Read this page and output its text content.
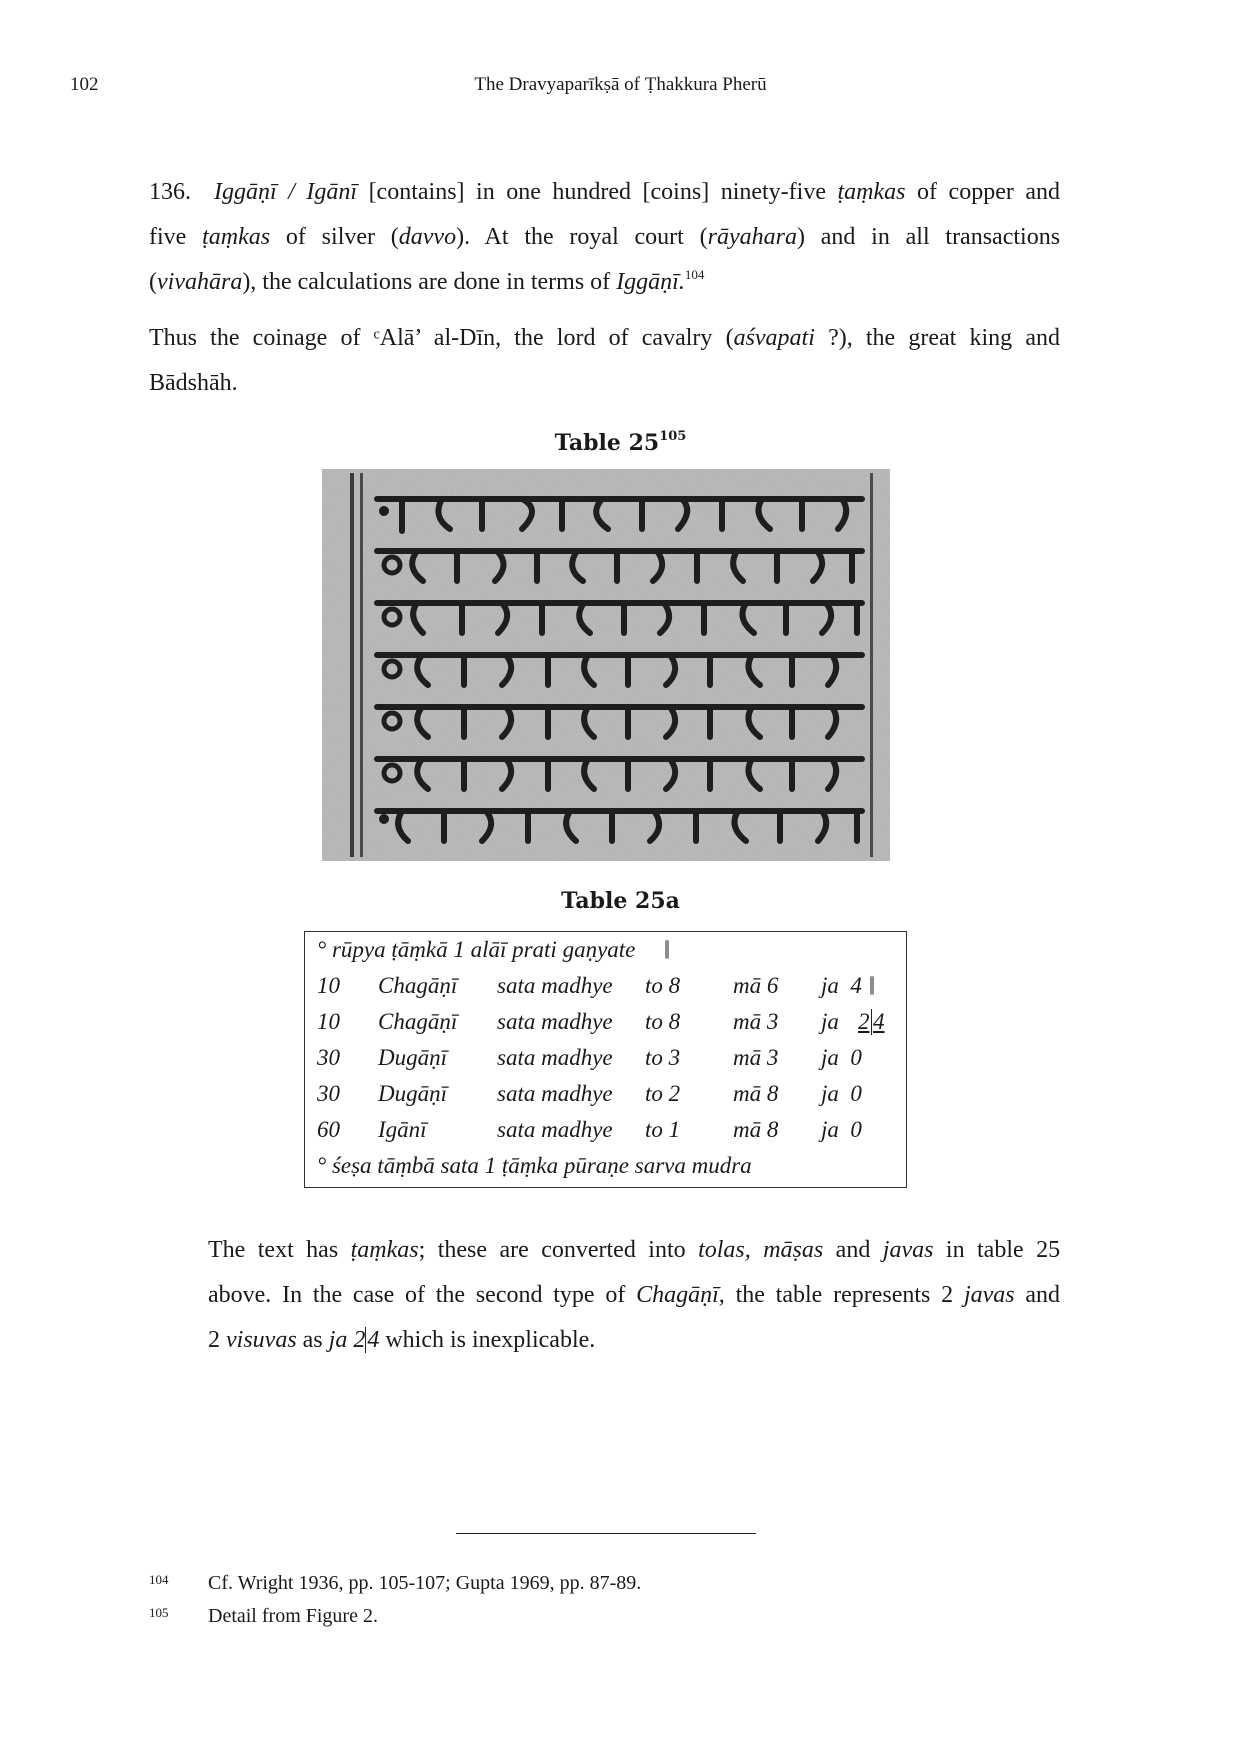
102	The Dravyaparīkṣā of Ṭhakkura Pherū
136. Iggāṇī / Igānī [contains] in one hundred [coins] ninety-five ṭaṃkas of copper and
five ṭaṃkas of silver (davvo). At the royal court (rāyahara) and in all transactions
(vivahāra), the calculations are done in terms of Iggāṇī.$^{104}$
Thus the coinage of ᶜAlā’ al-Dīn, the lord of cavalry (aśvapati ?), the great king and
Bādshāh.
Table $25^{105}$
Table 25a
° rūpya ṭāṃkā 1 alāī prati gaṇyate ||
10 Chagāṇī sata madhye to 8 mā 6 ja  4 ||
10 Chagāṇī sata madhye to 8 mā 3 ja 2 4
30 Dugāṇī sata madhye to 3 mā 3 ja  0
30 Dugāṇī sata madhye to 2 mā 8 ja  0
60 Igānī	sata madhye to 1 mā 8 ja  0
° śeṣa tāṃbā sata 1 ṭāṃka pūraṇe sarva mudra
The text has ṭaṃkas; these are converted into tolas, māṣas and javas in table 25
above. In the case of the second type of Chagāṇī, the table represents 2 javas and
2 visuvas as ja 24 which is inexplicable.
104 Cf. Wright 1936, pp. 105-107; Gupta 1969, pp. 87-89.
105 Detail from Figure 2.
